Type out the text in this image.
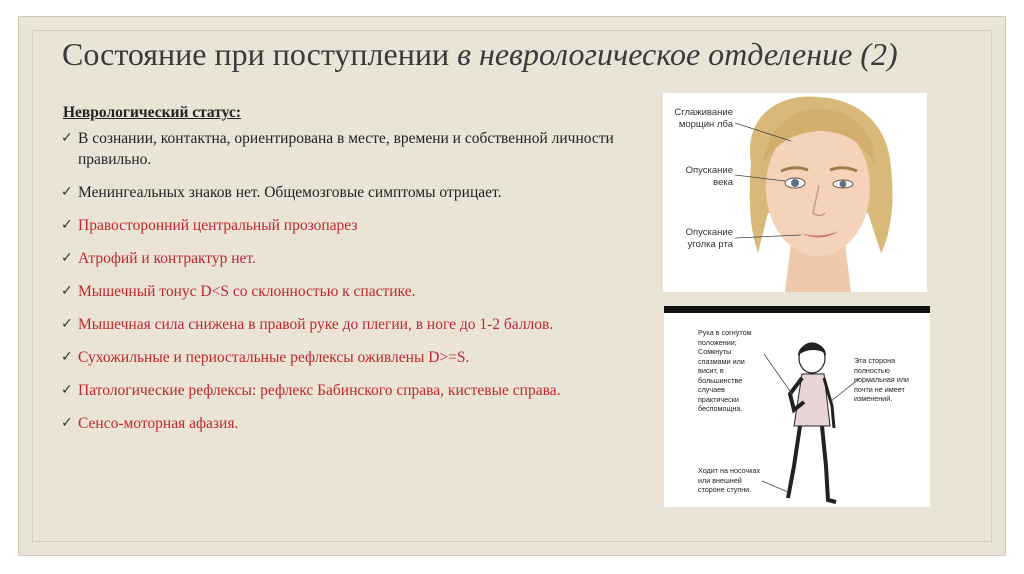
Состояние при поступлении в неврологическое отделение (2)

Неврологический статус:

✓ В сознании, контактна, ориентирована в месте, времени и собственной личности правильно.
✓ Менингеальных знаков нет. Общемозговые симптомы отрицает.
✓ Правосторонний центральный прозопарез
✓ Атрофий и контрактур нет.
✓ Мышечный тонус D<S со склонностью к спастике.
✓ Мышечная сила снижена в правой руке до плегии, в ноге до 1-2 баллов.
✓ Сухожильные и периостальные рефлексы оживлены D>=S.
✓ Патологические рефлексы: рефлекс Бабинского справа, кистевые справа.
✓ Сенсо-моторная афазия.
Сглаживание морщин лба
Опускание века
Опускание уголка рта
Рука в согнутом положении; Сомкнуты спазмами или висит, в большинстве случаев практически беспомощна.
Эта сторона полностью нормальная или почти не имеет изменений.
Ходит на носочках или внешней стороне ступни.
